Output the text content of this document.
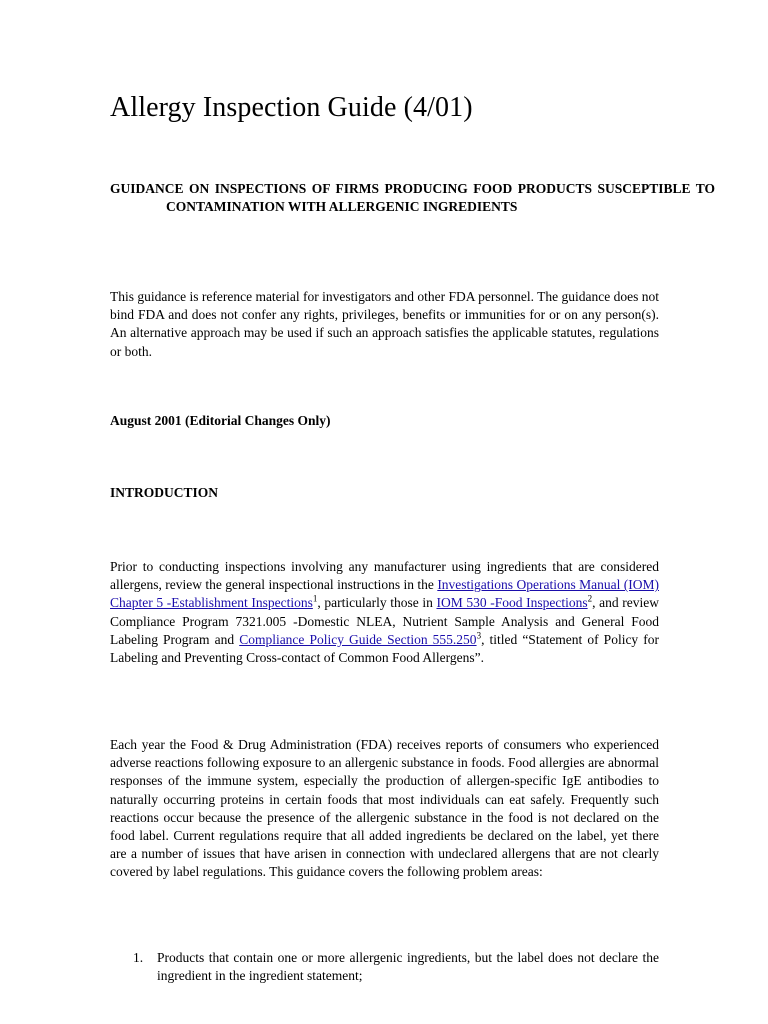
Allergy Inspection Guide (4/01)

GUIDANCE ON INSPECTIONS OF FIRMS PRODUCING FOOD PRODUCTS SUSCEPTIBLE TO CONTAMINATION WITH ALLERGENIC INGREDIENTS

This guidance is reference material for investigators and other FDA personnel. The guidance does not bind FDA and does not confer any rights, privileges, benefits or immunities for or on any person(s). An alternative approach may be used if such an approach satisfies the applicable statutes, regulations or both.

August 2001 (Editorial Changes Only)

INTRODUCTION

Prior to conducting inspections involving any manufacturer using ingredients that are considered allergens, review the general inspectional instructions in the Investigations Operations Manual (IOM) Chapter 5 -Establishment Inspections$^1$, particularly those in IOM 530 -Food Inspections$^2$, and review Compliance Program 7321.005 -Domestic NLEA, Nutrient Sample Analysis and General Food Labeling Program and Compliance Policy Guide Section 555.250$^3$, titled “Statement of Policy for Labeling and Preventing Cross-contact of Common Food Allergens”.

Each year the Food & Drug Administration (FDA) receives reports of consumers who experienced adverse reactions following exposure to an allergenic substance in foods. Food allergies are abnormal responses of the immune system, especially the production of allergen-specific IgE antibodies to naturally occurring proteins in certain foods that most individuals can eat safely. Frequently such reactions occur because the presence of the allergenic substance in the food is not declared on the food label. Current regulations require that all added ingredients be declared on the label, yet there are a number of issues that have arisen in connection with undeclared allergens that are not clearly covered by label regulations. This guidance covers the following problem areas:

1. Products that contain one or more allergenic ingredients, but the label does not declare the ingredient in the ingredient statement;
